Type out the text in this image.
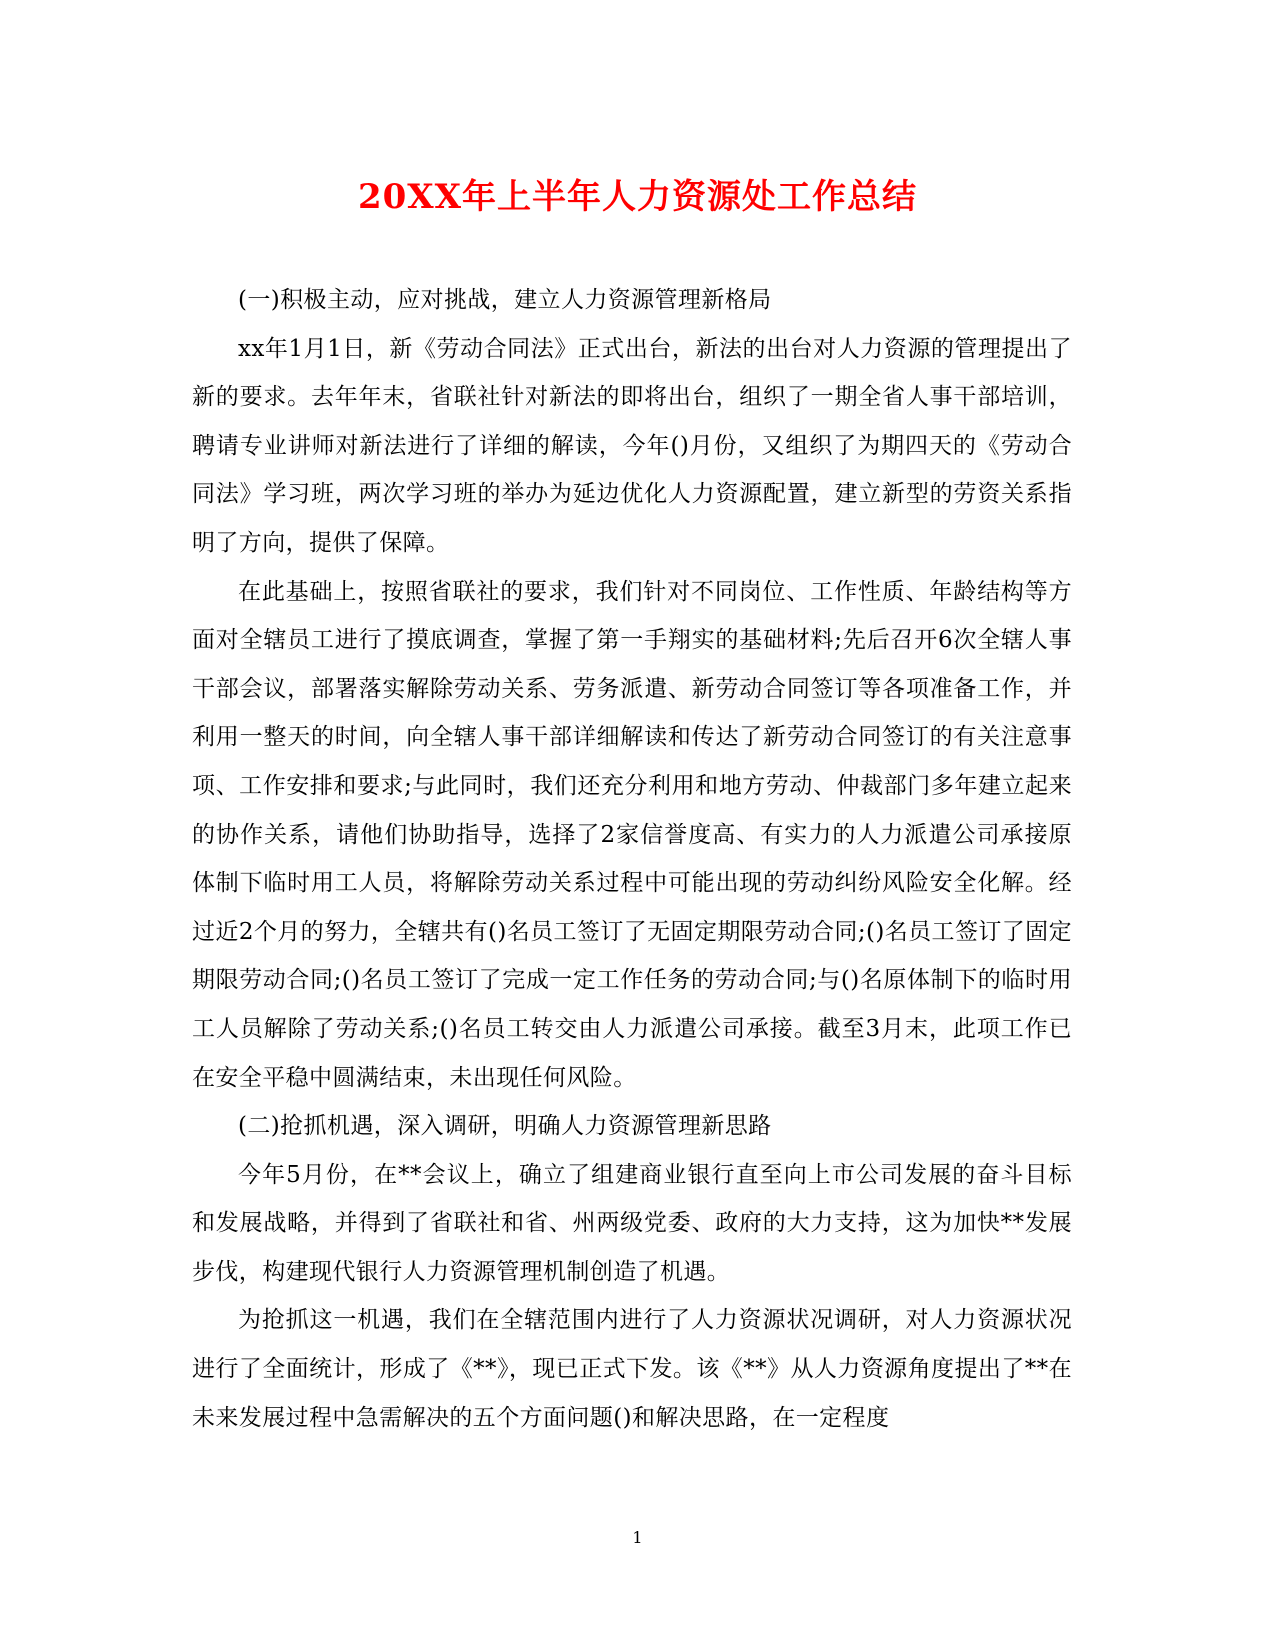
20XX年上半年人力资源处工作总结

(一)积极主动，应对挑战，建立人力资源管理新格局

xx年1月1日，新《劳动合同法》正式出台，新法的出台对人力资源的管理提出了新的要求。去年年末，省联社针对新法的即将出台，组织了一期全省人事干部培训，聘请专业讲师对新法进行了详细的解读，今年()月份，又组织了为期四天的《劳动合同法》学习班，两次学习班的举办为延边优化人力资源配置，建立新型的劳资关系指明了方向，提供了保障。

在此基础上，按照省联社的要求，我们针对不同岗位、工作性质、年龄结构等方面对全辖员工进行了摸底调查，掌握了第一手翔实的基础材料;先后召开6次全辖人事干部会议，部署落实解除劳动关系、劳务派遣、新劳动合同签订等各项准备工作，并利用一整天的时间，向全辖人事干部详细解读和传达了新劳动合同签订的有关注意事项、工作安排和要求;与此同时，我们还充分利用和地方劳动、仲裁部门多年建立起来的协作关系，请他们协助指导，选择了2家信誉度高、有实力的人力派遣公司承接原体制下临时用工人员，将解除劳动关系过程中可能出现的劳动纠纷风险安全化解。经过近2个月的努力，全辖共有()名员工签订了无固定期限劳动合同;()名员工签订了固定期限劳动合同;()名员工签订了完成一定工作任务的劳动合同;与()名原体制下的临时用工人员解除了劳动关系;()名员工转交由人力派遣公司承接。截至3月末，此项工作已在安全平稳中圆满结束，未出现任何风险。

(二)抢抓机遇，深入调研，明确人力资源管理新思路

今年5月份，在**会议上，确立了组建商业银行直至向上市公司发展的奋斗目标和发展战略，并得到了省联社和省、州两级党委、政府的大力支持，这为加快**发展步伐，构建现代银行人力资源管理机制创造了机遇。

为抢抓这一机遇，我们在全辖范围内进行了人力资源状况调研，对人力资源状况进行了全面统计，形成了《**》，现已正式下发。该《**》从人力资源角度提出了**在未来发展过程中急需解决的五个方面问题()和解决思路，在一定程度

1
